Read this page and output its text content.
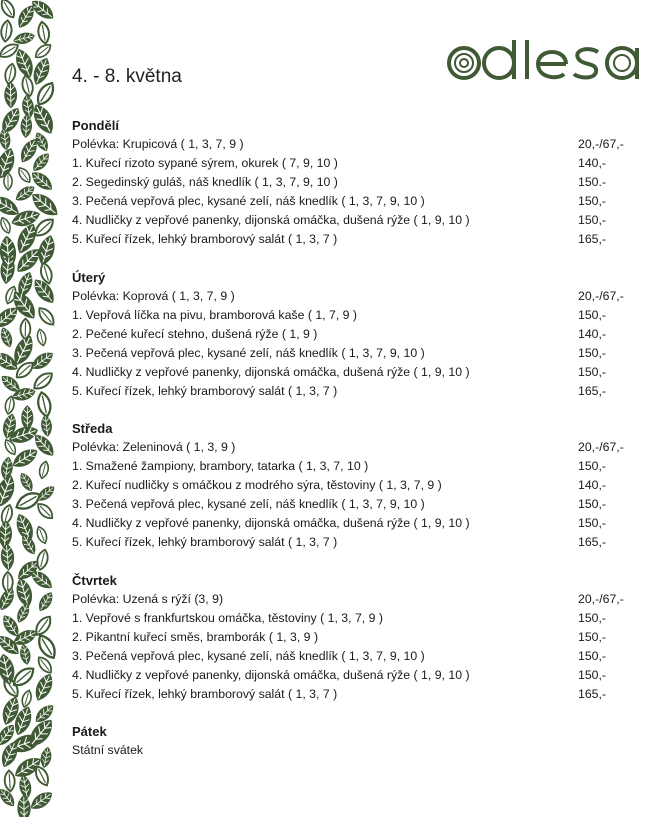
4. - 8. května
Pondělí
Polévka: Krupicová ( 1, 3, 7, 9 )	20,-/67,-
1. Kuřecí rizoto sypané sýrem, okurek ( 7, 9, 10 )	140,-
2. Segedinský guláš, náš knedlík ( 1, 3, 7, 9, 10 )	150.-
3. Pečená vepřová plec, kysané zelí, náš knedlík ( 1, 3, 7, 9, 10 )	150,-
4. Nudličky z vepřové panenky, dijonská omáčka, dušená rýže ( 1, 9, 10 )	150,-
5. Kuřecí řízek, lehký bramborový salát ( 1, 3, 7 )	165,-
Úterý
Polévka: Koprová ( 1, 3, 7, 9 )	20,-/67,-
1. Vepřová líčka na pivu, bramborová kaše ( 1, 7, 9 )	150,-
2. Pečené kuřecí stehno, dušená rýže ( 1, 9 )	140,-
3. Pečená vepřová plec, kysané zelí, náš knedlík ( 1, 3, 7, 9, 10 )	150,-
4. Nudličky z vepřové panenky, dijonská omáčka, dušená rýže ( 1, 9, 10 )	150,-
5. Kuřecí řízek, lehký bramborový salát ( 1, 3, 7 )	165,-
Středa
Polévka: Zeleninová ( 1, 3, 9 )	20,-/67,-
1. Smažené žampiony, brambory, tatarka ( 1, 3, 7, 10 )	150,-
2. Kuřecí nudličky s omáčkou z modrého sýra, těstoviny ( 1, 3, 7, 9 )	140,-
3. Pečená vepřová plec, kysané zelí, náš knedlík ( 1, 3, 7, 9, 10 )	150,-
4. Nudličky z vepřové panenky, dijonská omáčka, dušená rýže ( 1, 9, 10 )	150,-
5. Kuřecí řízek, lehký bramborový salát ( 1, 3, 7 )	165,-
Čtvrtek
Polévka: Uzená s rýží (3, 9)	20,-/67,-
1. Vepřové s frankfurtskou omáčka, těstoviny ( 1, 3, 7, 9 )	150,-
2. Pikantní kuřecí směs, bramborák ( 1, 3, 9 )	150,-
3. Pečená vepřová plec, kysané zelí, náš knedlík ( 1, 3, 7, 9, 10 )	150,-
4. Nudličky z vepřové panenky, dijonská omáčka, dušená rýže ( 1, 9, 10 )	150,-
5. Kuřecí řízek, lehký bramborový salát ( 1, 3, 7 )	165,-
Pátek
Státní svátek
